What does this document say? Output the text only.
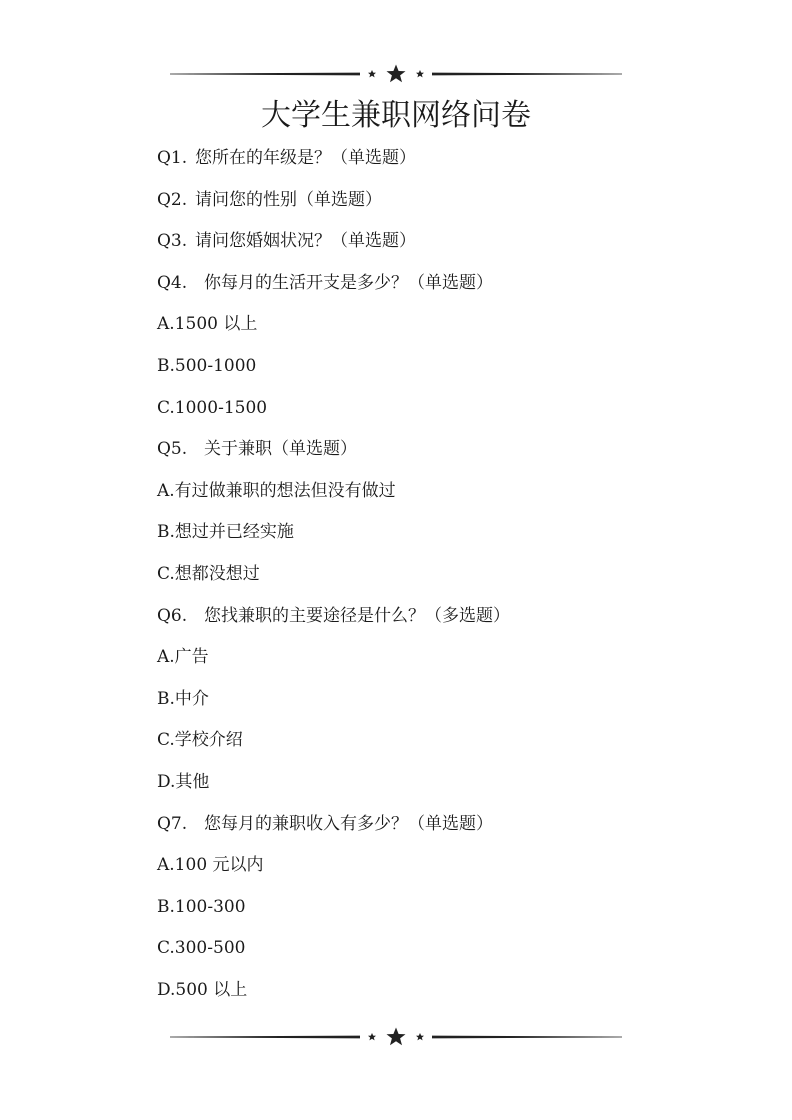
大学生兼职网络问卷
Q1. 您所在的年级是？（单选题）
Q2. 请问您的性别（单选题）
Q3. 请问您婚姻状况？（单选题）
Q4. 你每月的生活开支是多少？（单选题）
A.1500 以上
B.500-1000
C.1000-1500
Q5. 关于兼职（单选题）
A.有过做兼职的想法但没有做过
B.想过并已经实施
C.想都没想过
Q6. 您找兼职的主要途径是什么？（多选题）
A.广告
B.中介
C.学校介绍
D.其他
Q7. 您每月的兼职收入有多少？（单选题）
A.100 元以内
B.100-300
C.300-500
D.500 以上
